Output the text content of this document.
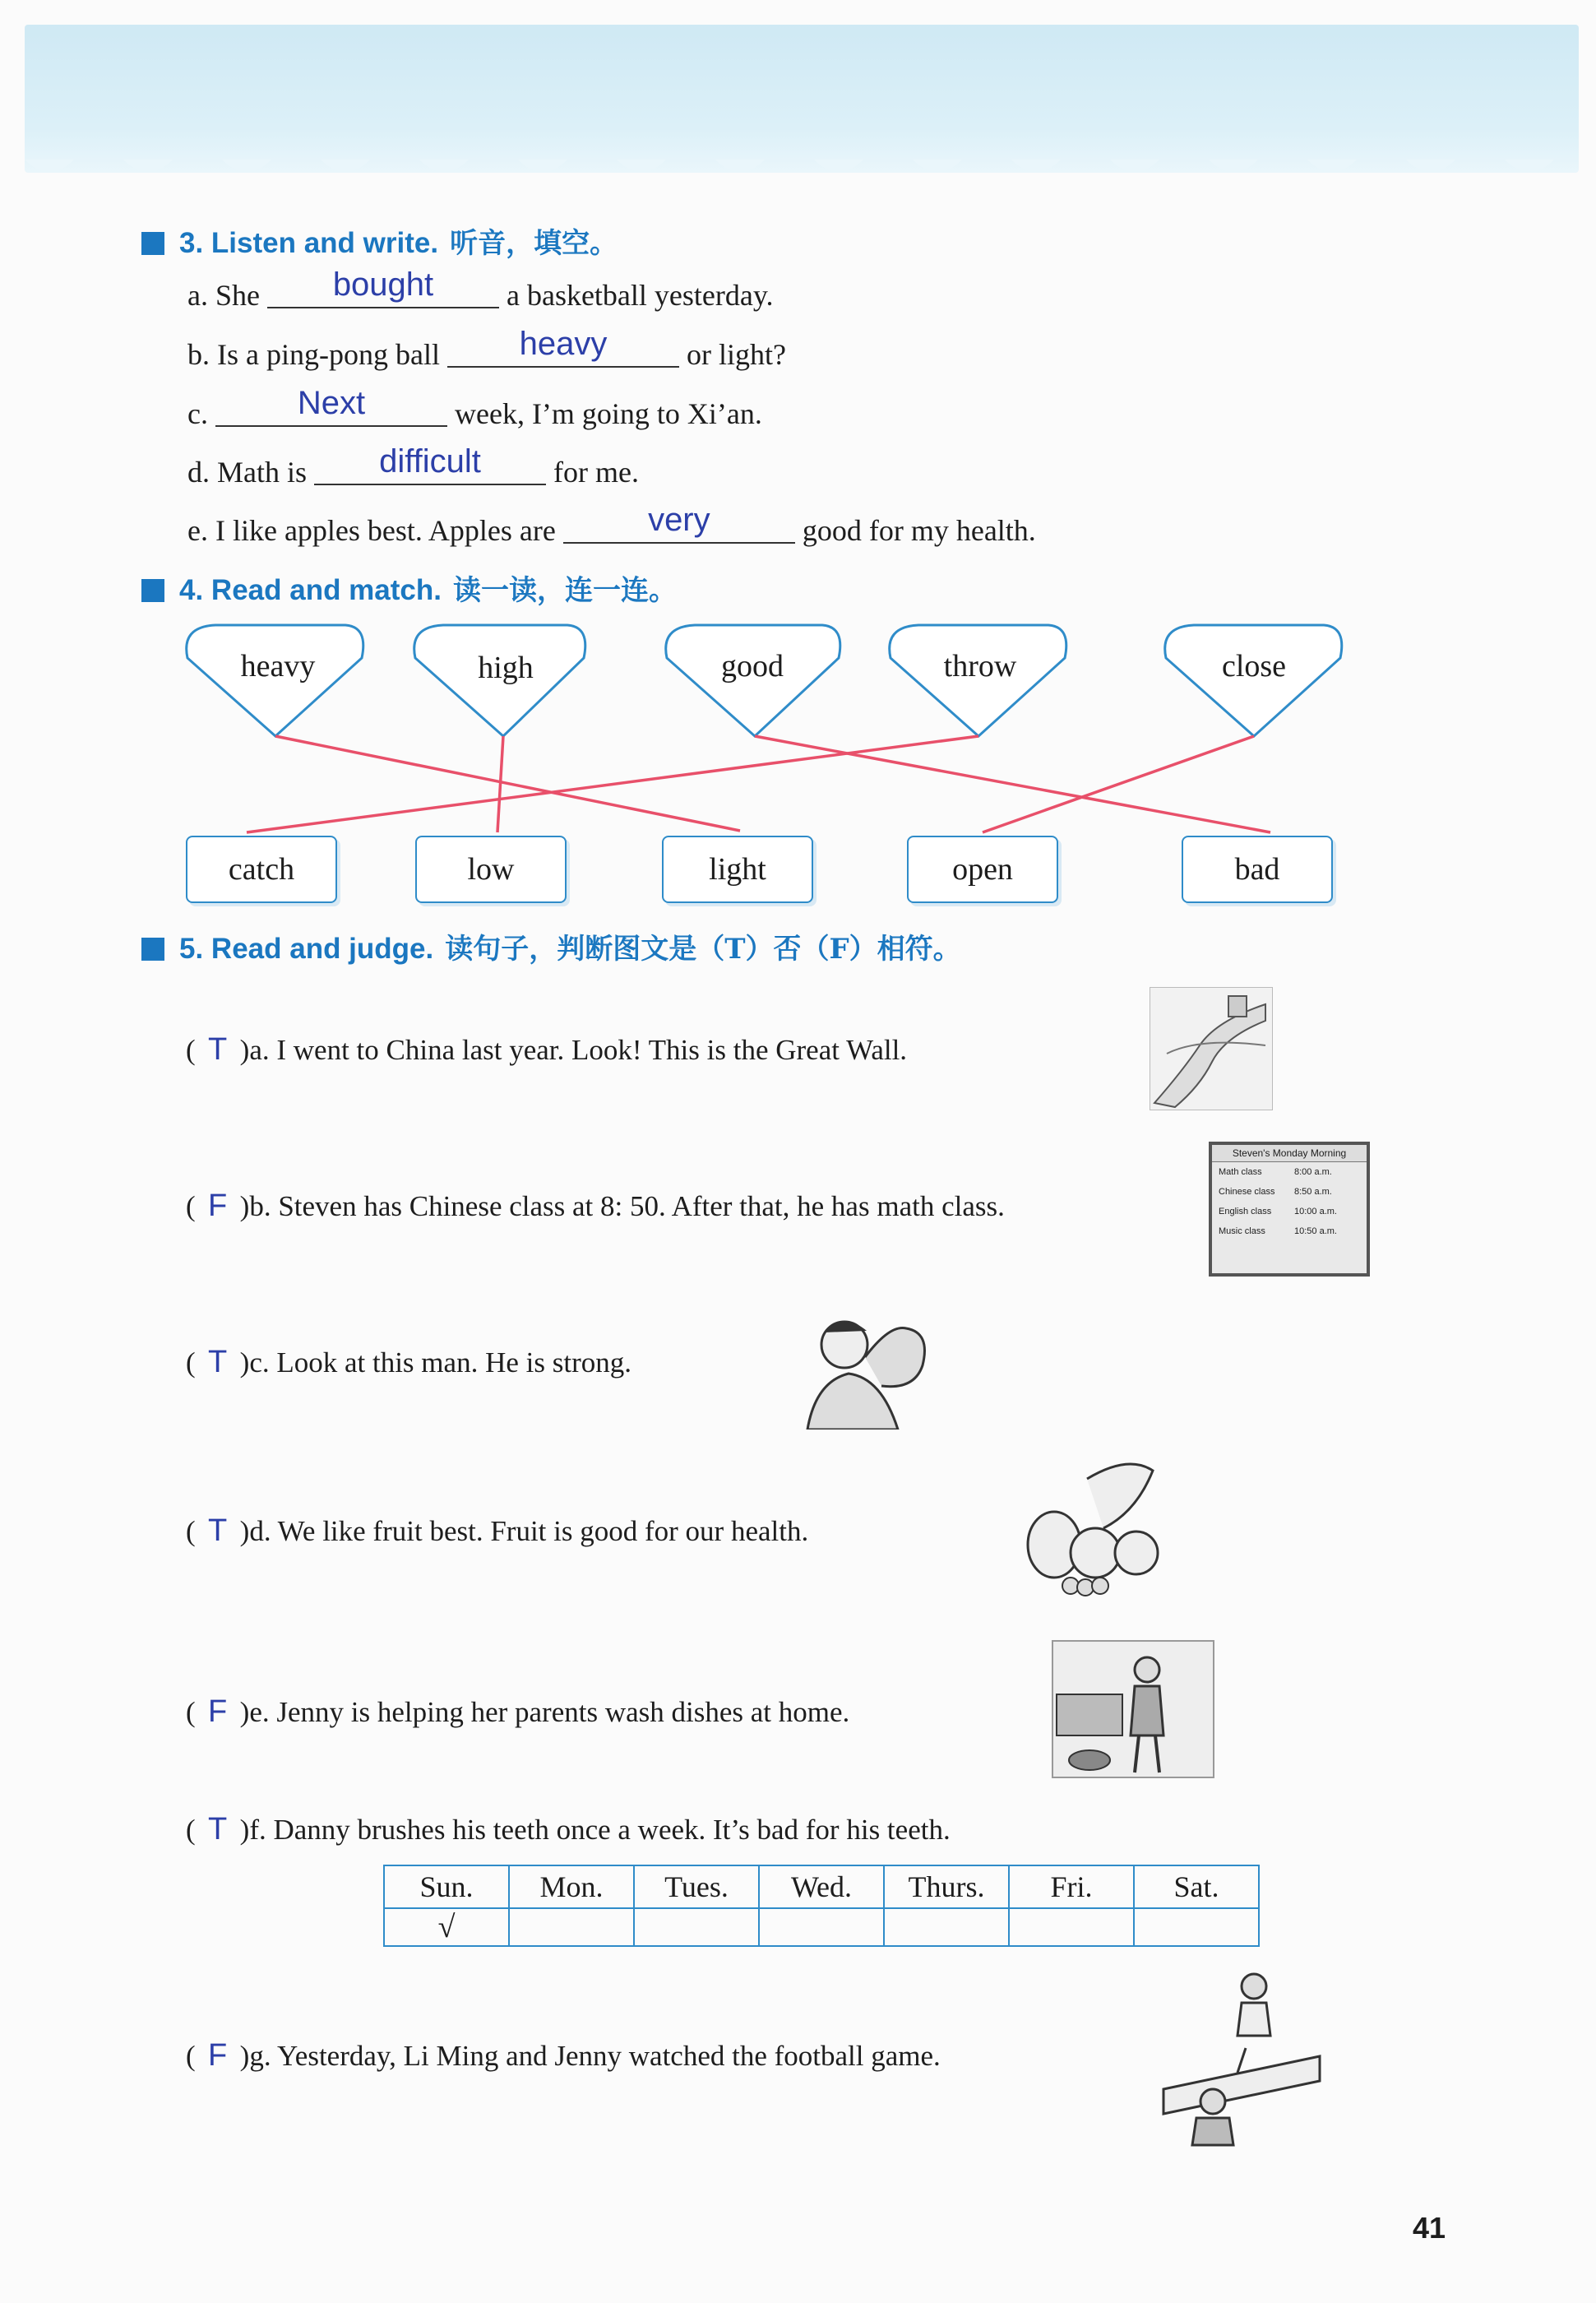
3. Listen and write. 听音，填空。
a. She	bought	a basketball yesterday.
b. Is a ping-pong ball	heavy	or light?
c.	Next	week, I’m going to Xi’an.
d. Math is	difficult	for me.
e. I like apples best. Apples are	very	good for my health.
4. Read and match. 读一读，连一连。
heavy	high	good	throw	close
catch	low	light	open	bad
5. Read and judge. 读句子，判断图文是（T）否（F）相符。
( T )a. I went to China last year. Look! This is the Great Wall.
( F )b. Steven has Chinese class at 8: 50. After that, he has math class.
Steven's Monday Morning
Math class	8:00 a.m.
Chinese class	8:50 a.m.
English class	10:00 a.m.
Music class	10:50 a.m.
( T )c. Look at this man. He is strong.
( T )d. We like fruit best. Fruit is good for our health.
( F )e. Jenny is helping her parents wash dishes at home.
( T )f. Danny brushes his teeth once a week. It’s bad for his teeth.
Sun.	Mon.	Tues.	Wed.	Thurs.	Fri.	Sat.
√						
( F )g. Yesterday, Li Ming and Jenny watched the football game.
41
